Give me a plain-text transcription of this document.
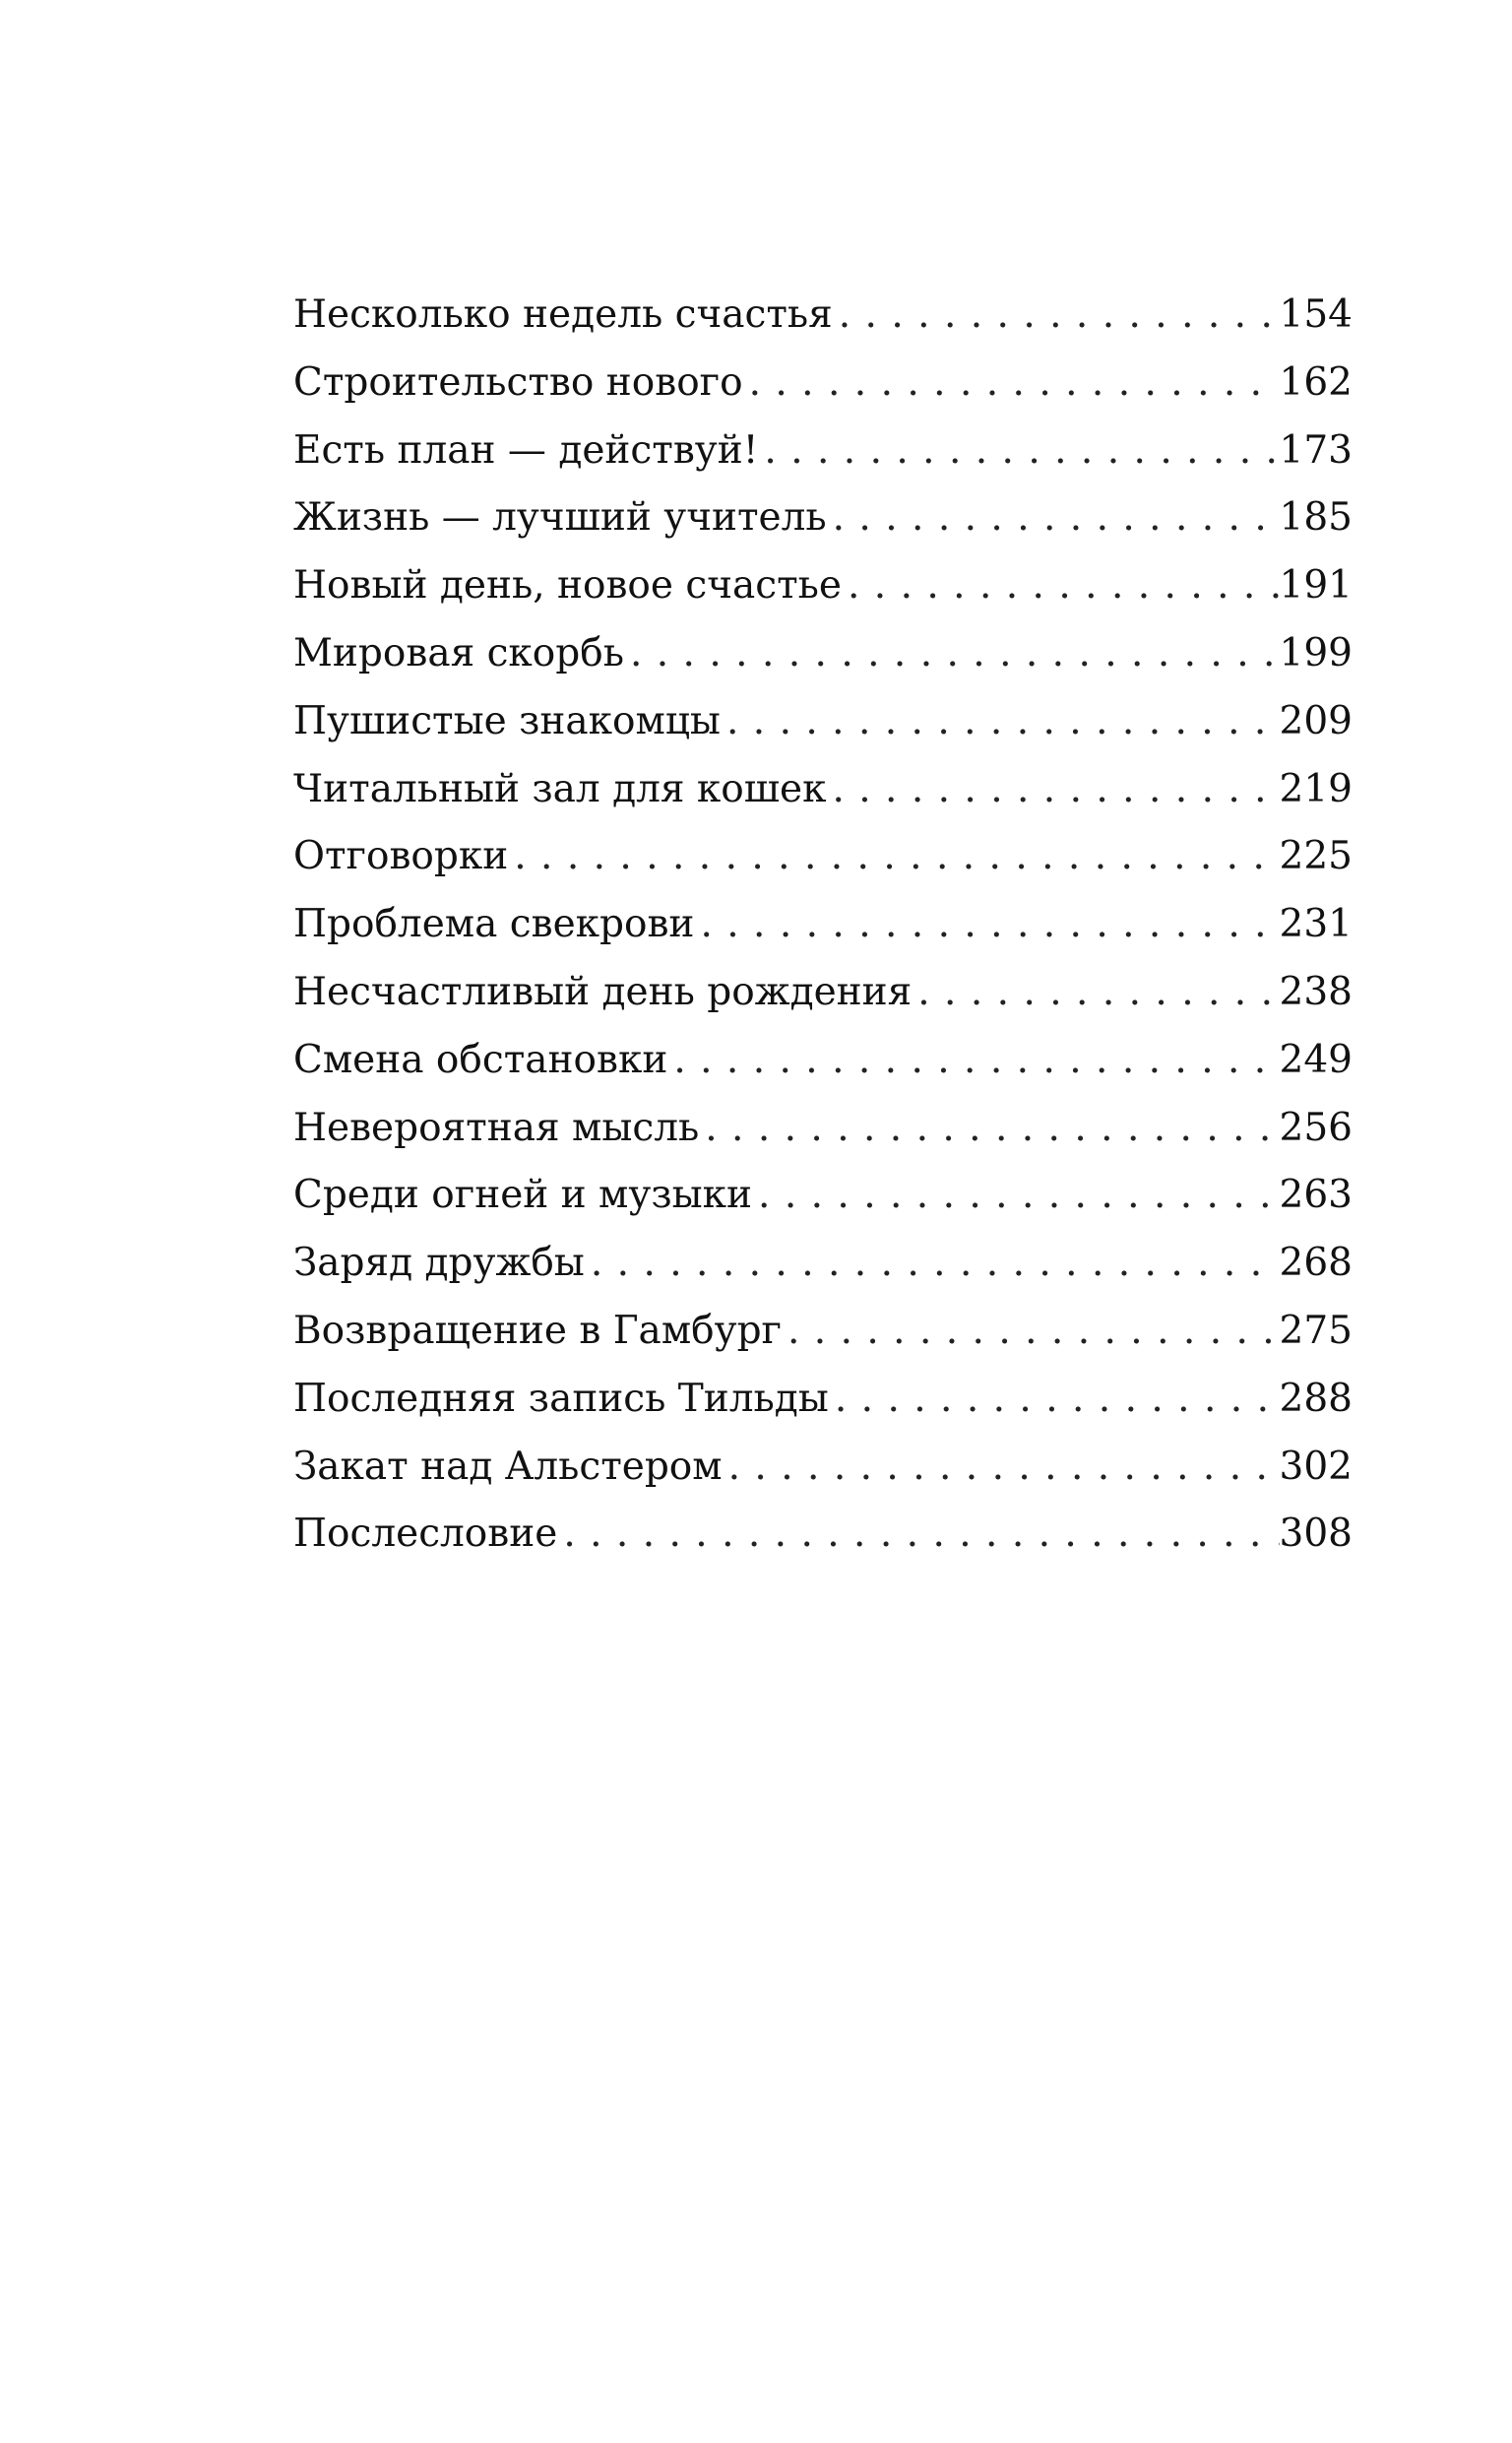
Несколько недель счастья . . .	154
Строительство нового . . .	162
Есть план — действуй! . . .	173
Жизнь — лучший учитель . . .	185
Новый день, новое счастье . . .	191
Мировая скорбь . . .	199
Пушистые знакомцы . . .	209
Читальный зал для кошек . . .	219
Отговорки . . .	225
Проблема свекрови . . .	231
Несчастливый день рождения . . .	238
Смена обстановки . . .	249
Невероятная мысль . . .	256
Среди огней и музыки . . .	263
Заряд дружбы . . .	268
Возвращение в Гамбург . . .	275
Последняя запись Тильды . . .	288
Закат над Альстером . . .	302
Послесловие . . .	308
